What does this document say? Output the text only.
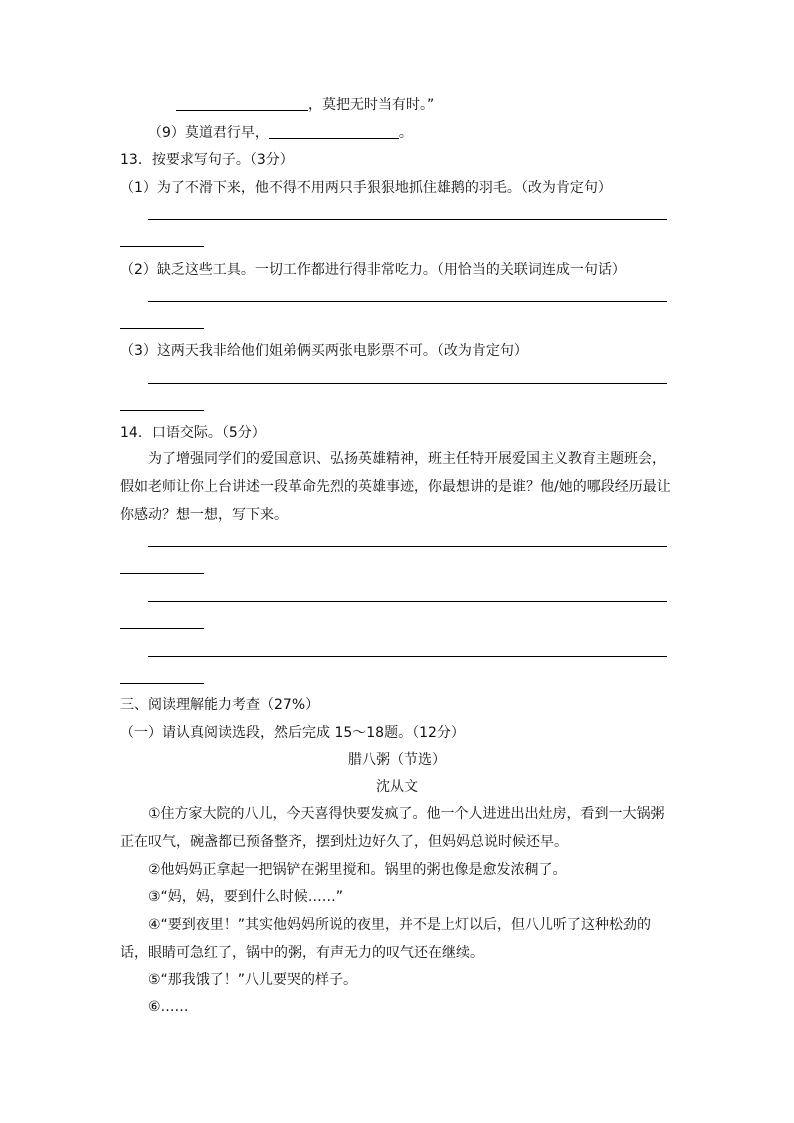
，莫把无时当有时。”
（9）莫道君行早，	。
13．按要求写句子。（3分）
（1）为了不滑下来，他不得不用两只手狠狠地抓住雄鹅的羽毛。（改为肯定句）
（2）缺乏这些工具。一切工作都进行得非常吃力。（用恰当的关联词连成一句话）
（3）这两天我非给他们姐弟俩买两张电影票不可。（改为肯定句）
14．口语交际。（5分）
为了增强同学们的爱国意识、弘扬英雄精神，班主任特开展爱国主义教育主题班会，假如老师让你上台讲述一段革命先烈的英雄事迹，你最想讲的是谁？他/她的哪段经历最让你感动？想一想，写下来。
三、阅读理解能力考查（27%）
（一）请认真阅读选段，然后完成 15～18题。（12分）
腊八粥（节选）
沈从文
①住方家大院的八儿，今天喜得快要发疯了。他一个人进进出出灶房，看到一大锅粥正在叹气，碗盏都已预备整齐，摆到灶边好久了，但妈妈总说时候还早。
②他妈妈正拿起一把锅铲在粥里搅和。锅里的粥也像是愈发浓稠了。
③“妈，妈，要到什么时候……”
④“要到夜里！”其实他妈妈所说的夜里，并不是上灯以后，但八儿听了这种松劲的话，眼睛可急红了，锅中的粥，有声无力的叹气还在继续。
⑤“那我饿了！”八儿要哭的样子。
⑥……
